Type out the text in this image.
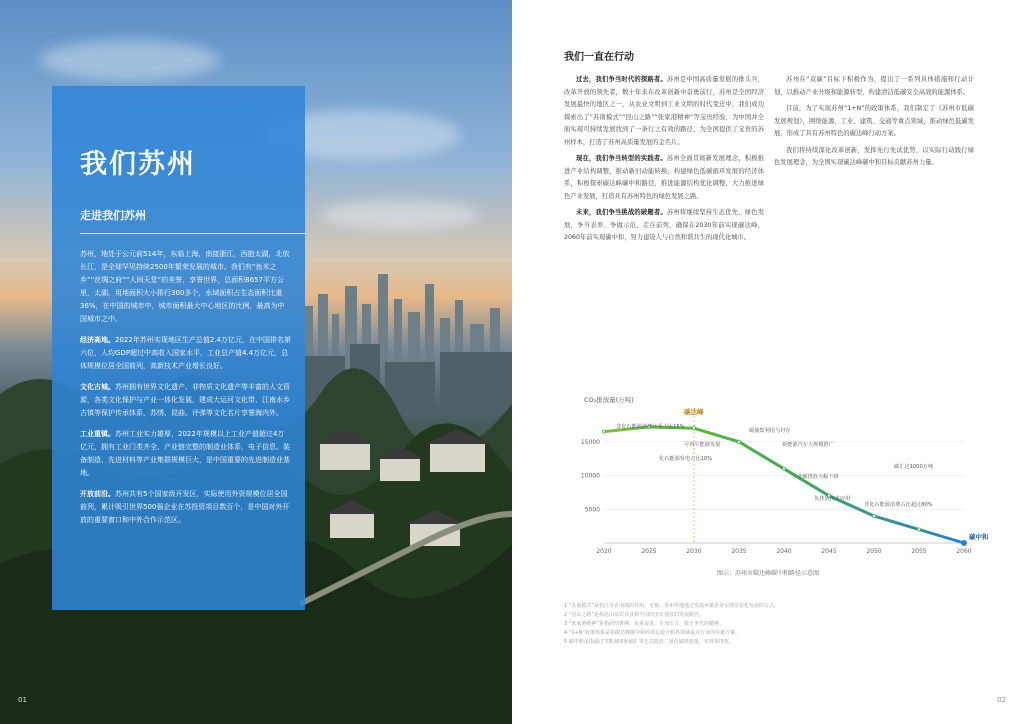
我们苏州
走进我们苏州

苏州，地处于公元前514年，东临上海，南接浙江，西抱太湖，北依长江，是全球罕见持续2500年繁荣发展的城市。我们有“鱼米之乡”“丝绸之府”“人间天堂”的美誉，享誉世界，总面积8657平方公里，太湖，用地面积大小排行300多个，水域面积占生态面积比重36%，在中国的城市中，城市面积最大中心地区的比例，最高为中国城市之中。

经济高地。2022年苏州实现地区生产总值2.4万亿元，在中国排名第六位，人均GDP超过中高收入国家水平，工业总产值4.4万亿元，总体规模位居全国前列，高新技术产业增长良好。

文化古城。苏州拥有世界文化遗产、非物质文化遗产等丰富的人文资源，各类文化保护与产业一体化发展，建成大运河文化带、江南水乡古镇等保护传承体系，苏绣、昆曲、评弹等文化名片享誉海内外。

工业重镇。苏州工业实力雄厚，2022年规模以上工业产值超过4万亿元，拥有工业门类齐全、产业链完整的制造业体系，电子信息、装备制造、先进材料等产业集群规模巨大，是中国重要的先进制造业基地。

开放前沿。苏州共有5个国家级开发区，实际使用外资规模位居全国前列，累计吸引世界500强企业在苏投资项目数百个，是中国对外开放的重要窗口和中外合作示范区。

01
我们一直在行动

过去，我们争当时代的探路者。苏州是中国高质量发展的排头兵，改革开放的领先者，数十年来在改革创新中奋勇前行，苏州是全国经济发展最快的地区之一，从农业文明到工业文明的时代变迁中，我们成功探索出了“苏南模式”“昆山之路”“张家港精神”等宝贵经验，为中国并全面实现可持续发展找到了一条行之有效的路径，为全国提供了宝贵的苏州样本，打造了苏州高质量发展的金名片。

现在，我们争当转型的实践者。苏州全面贯彻新发展理念，积极推进产业结构调整，推动新旧动能转换，构建绿色低碳循环发展的经济体系，积极探索碳达峰碳中和路径，推进能源结构优化调整，大力推进绿色产业发展，打造具有苏州特色的绿色发展之路。

未来，我们争当挑战的破题者。苏州将继续坚持生态优先、绿色发展，争当表率、争做示范、走在前列，确保在2030年前实现碳达峰，2060年前实现碳中和，努力建设人与自然和谐共生的现代化城市。

苏州在“双碳”目标下积极作为，提出了一系列具体措施和行动计划，以推动产业升级和能源转型，构建清洁低碳安全高效的能源体系。

目前，为了实现苏州“1+N”的政策体系，我们制定了《苏州市低碳发展规划》，围绕能源、工业、建筑、交通等重点领域，推动绿色低碳发展，形成了具有苏州特色的碳达峰行动方案。

我们将持续深化改革创新，发挥先行先试优势，以实际行动践行绿色发展理念，为全国实现碳达峰碳中和目标贡献苏州力量。

CO₂排放量(万吨)
5000
10000
15000
2020	2025	2030	2035	2040	2045	2050	2055	2060
碳达峰
碳中和
非化石能源消费比重占比15%
可再生能源发展
化石能源发电占比10%
碳捕集利用与封存
新能源汽车大规模推广
工业碳排放大幅下降
负排放技术应用
非化石能源消费占比超过80%
碳汇达1000万吨
图示：苏州市碳达峰碳中和路径示意图
1 “苏南模式”是指江苏省南部的苏州、无锡、常州等地通过发展乡镇企业实现非农化发展的方式。
2 “昆山之路”是指昆山从农业县到全国经济百强县的发展路径。
3 “张家港精神”是指团结拼搏、负重奋进、自加压力、敢于争先的精神。
4 “1+N”政策体系是指碳达峰碳中和的顶层设计和各领域重点行业的实施方案。
5 碳中和是指通过节能减排和碳汇等方式抵消二氧化碳排放量，实现零排放。
02
